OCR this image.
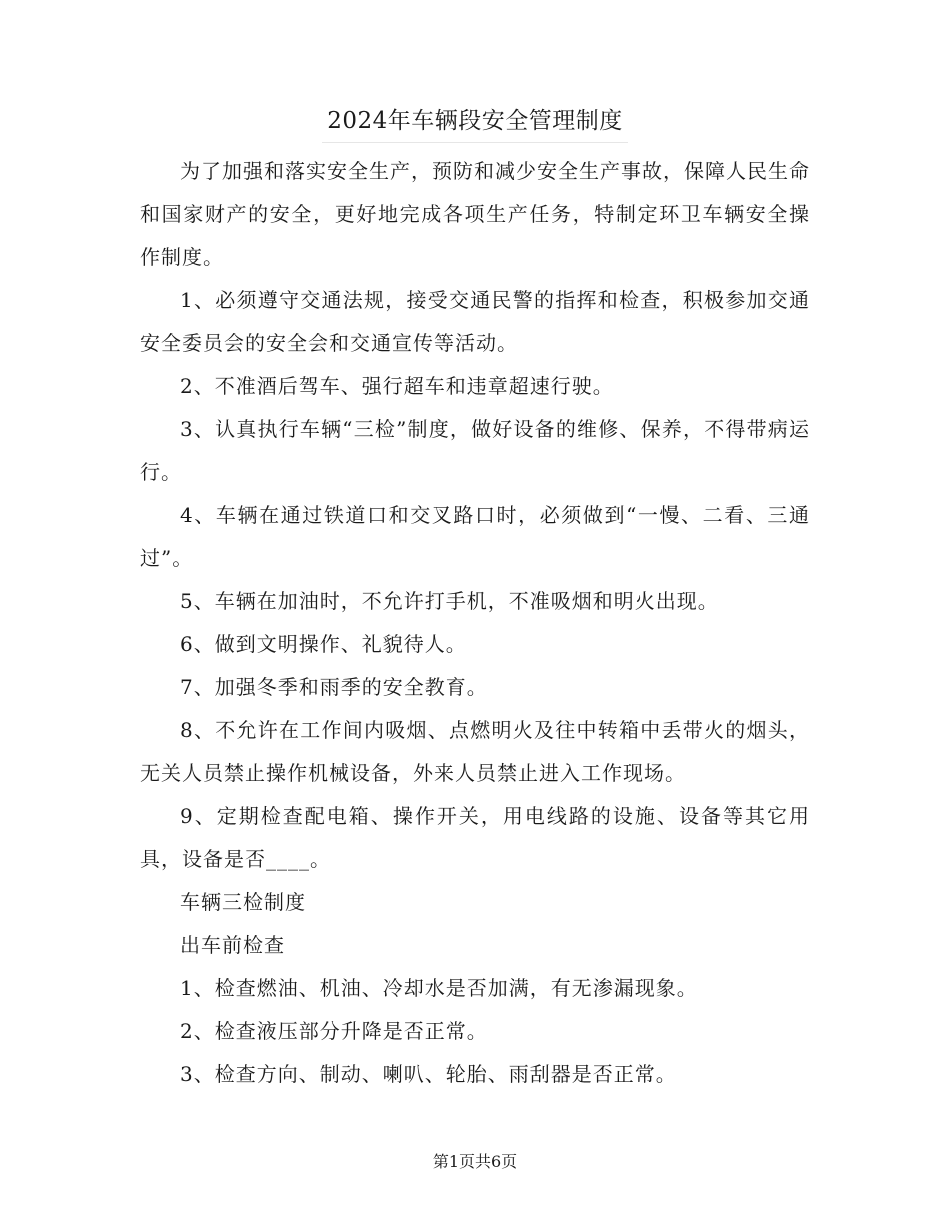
2024年车辆段安全管理制度

为了加强和落实安全生产，预防和减少安全生产事故，保障人民生命和国家财产的安全，更好地完成各项生产任务，特制定环卫车辆安全操作制度。

1、必须遵守交通法规，接受交通民警的指挥和检查，积极参加交通安全委员会的安全会和交通宣传等活动。

2、不准酒后驾车、强行超车和违章超速行驶。

3、认真执行车辆“三检”制度，做好设备的维修、保养，不得带病运行。

4、车辆在通过铁道口和交叉路口时，必须做到“一慢、二看、三通过”。

5、车辆在加油时，不允许打手机，不准吸烟和明火出现。

6、做到文明操作、礼貌待人。

7、加强冬季和雨季的安全教育。

8、不允许在工作间内吸烟、点燃明火及往中转箱中丢带火的烟头，无关人员禁止操作机械设备，外来人员禁止进入工作现场。

9、定期检查配电箱、操作开关，用电线路的设施、设备等其它用具，设备是否____。

车辆三检制度

出车前检查

1、检查燃油、机油、冷却水是否加满，有无渗漏现象。

2、检查液压部分升降是否正常。

3、检查方向、制动、喇叭、轮胎、雨刮器是否正常。

第1页共6页
